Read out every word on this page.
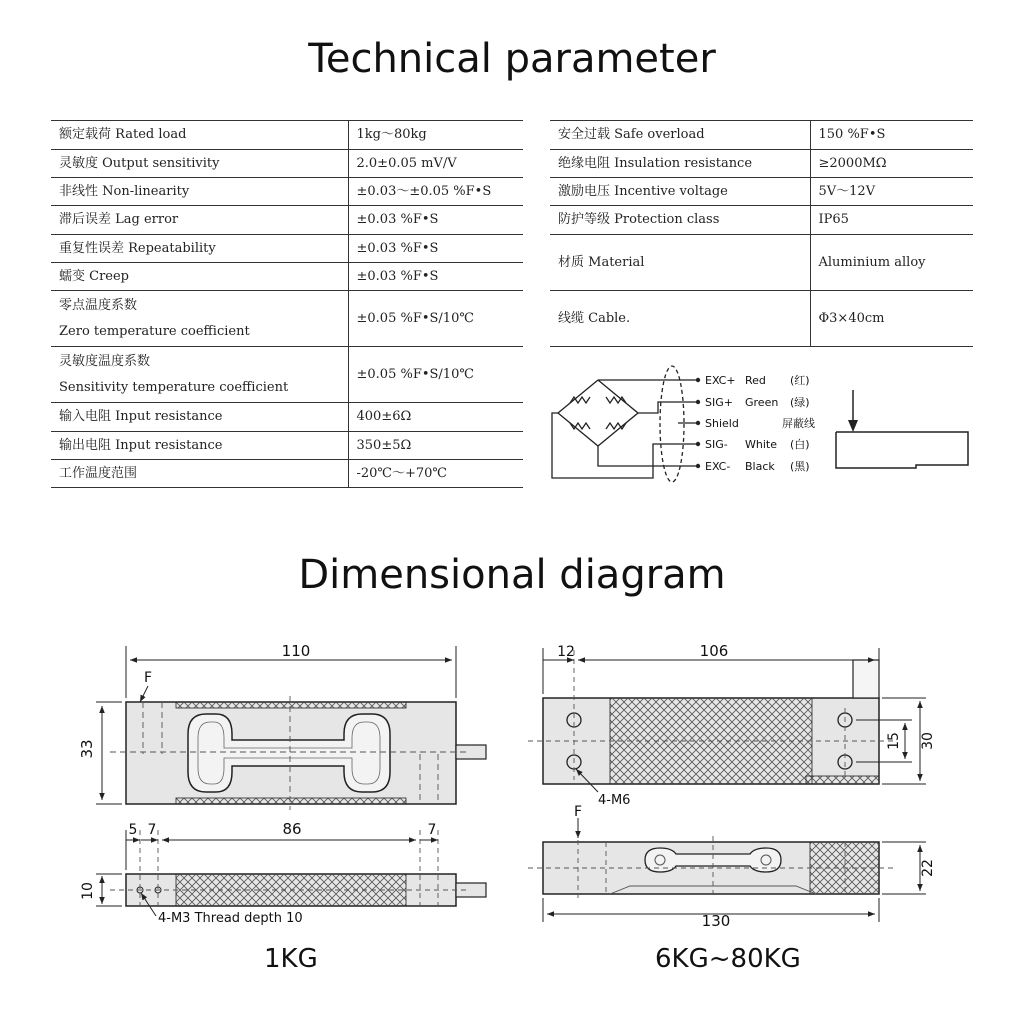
Technical parameter
Dimensional diagram
额定载荷 Rated load	1kg～80kg
灵敏度 Output sensitivity	2.0±0.05 mV/V
非线性 Non-linearity	±0.03～±0.05 %F•S
滞后误差 Lag error	±0.03 %F•S
重复性误差 Repeatability	±0.03 %F•S
蠕变 Creep	±0.03 %F•S

零点温度系数
Zero temperature coefficient	±0.05 %F•S/10℃

灵敏度温度系数
Sensitivity temperature coefficient	±0.05 %F•S/10℃
输入电阻 Input resistance	400±6Ω
输出电阻 Input resistance	350±5Ω
工作温度范围	-20℃～+70℃
安全过载 Safe overload	150 %F•S
绝缘电阻 Insulation resistance	≥2000MΩ
激励电压 Incentive voltage	5V～12V
防护等级 Protection class	IP65
材质 Material	Aluminium alloy
线缆 Cable.	Φ3×40cm
EXC+ Red (红)
SIG+ Green (绿)
Shield	屏蔽线
SIG- White (白)
EXC- Black (黑)
110
33
F
5 7	86	7
10
4-M3 Thread depth 10
12	106
15 30
4-M6
F
22
130
1KG	6KG~80KG
